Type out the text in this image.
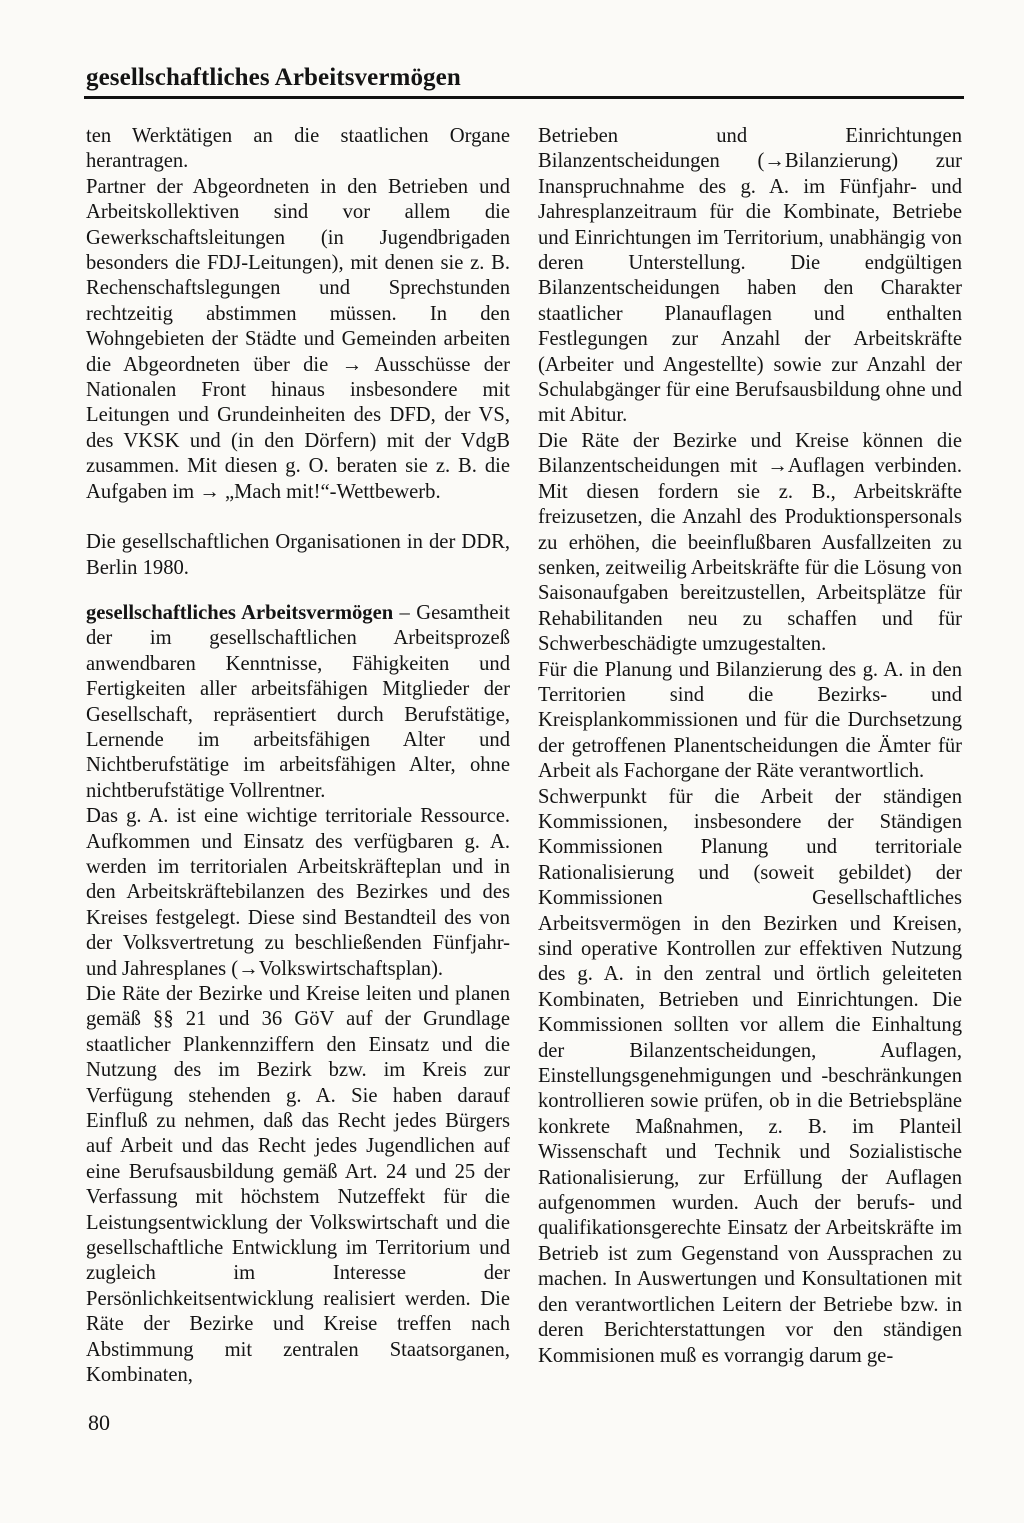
gesellschaftliches Arbeitsvermögen

ten Werktätigen an die staatlichen Organe herantragen.

Partner der Abgeordneten in den Betrieben und Arbeitskollektiven sind vor allem die Gewerkschaftsleitungen (in Jugendbrigaden besonders die FDJ-Leitungen), mit denen sie z. B. Rechenschaftslegungen und Sprechstunden rechtzeitig abstimmen müssen. In den Wohngebieten der Städte und Gemeinden arbeiten die Abgeordneten über die → Ausschüsse der Nationalen Front hinaus insbesondere mit Leitungen und Grundeinheiten des DFD, der VS, des VKSK und (in den Dörfern) mit der VdgB zusammen. Mit diesen g. O. beraten sie z. B. die Aufgaben im → „Mach mit!“-Wettbewerb.

Die gesellschaftlichen Organisationen in der DDR, Berlin 1980.

gesellschaftliches Arbeitsvermögen – Gesamtheit der im gesellschaftlichen Arbeitsprozeß anwendbaren Kenntnisse, Fähigkeiten und Fertigkeiten aller arbeitsfähigen Mitglieder der Gesellschaft, repräsentiert durch Berufstätige, Lernende im arbeitsfähigen Alter und Nichtberufstätige im arbeitsfähigen Alter, ohne nichtberufstätige Vollrentner.

Das g. A. ist eine wichtige territoriale Ressource. Aufkommen und Einsatz des verfügbaren g. A. werden im territorialen Arbeitskräfteplan und in den Arbeitskräftebilanzen des Bezirkes und des Kreises festgelegt. Diese sind Bestandteil des von der Volksvertretung zu beschließenden Fünfjahr- und Jahresplanes (→Volkswirtschaftsplan).

Die Räte der Bezirke und Kreise leiten und planen gemäß §§ 21 und 36 GöV auf der Grundlage staatlicher Plankennziffern den Einsatz und die Nutzung des im Bezirk bzw. im Kreis zur Verfügung stehenden g. A. Sie haben darauf Einfluß zu nehmen, daß das Recht jedes Bürgers auf Arbeit und das Recht jedes Jugendlichen auf eine Berufsausbildung gemäß Art. 24 und 25 der Verfassung mit höchstem Nutzeffekt für die Leistungsentwicklung der Volkswirtschaft und die gesellschaftliche Entwicklung im Territorium und zugleich im Interesse der Persönlichkeitsentwicklung realisiert werden. Die Räte der Bezirke und Kreise treffen nach Abstimmung mit zentralen Staatsorganen, Kombinaten,

Betrieben und Einrichtungen Bilanzentscheidungen (→Bilanzierung) zur Inanspruchnahme des g. A. im Fünfjahr- und Jahresplanzeitraum für die Kombinate, Betriebe und Einrichtungen im Territorium, unabhängig von deren Unterstellung. Die endgültigen Bilanzentscheidungen haben den Charakter staatlicher Planauflagen und enthalten Festlegungen zur Anzahl der Arbeitskräfte (Arbeiter und Angestellte) sowie zur Anzahl der Schulabgänger für eine Berufsausbildung ohne und mit Abitur.

Die Räte der Bezirke und Kreise können die Bilanzentscheidungen mit →Auflagen verbinden. Mit diesen fordern sie z. B., Arbeitskräfte freizusetzen, die Anzahl des Produktionspersonals zu erhöhen, die beeinflußbaren Ausfallzeiten zu senken, zeitweilig Arbeitskräfte für die Lösung von Saisonaufgaben bereitzustellen, Arbeitsplätze für Rehabilitanden neu zu schaffen und für Schwerbeschädigte umzugestalten.

Für die Planung und Bilanzierung des g. A. in den Territorien sind die Bezirks- und Kreisplankommissionen und für die Durchsetzung der getroffenen Planentscheidungen die Ämter für Arbeit als Fachorgane der Räte verantwortlich.

Schwerpunkt für die Arbeit der ständigen Kommissionen, insbesondere der Ständigen Kommissionen Planung und territoriale Rationalisierung und (soweit gebildet) der Kommissionen Gesellschaftliches Arbeitsvermögen in den Bezirken und Kreisen, sind operative Kontrollen zur effektiven Nutzung des g. A. in den zentral und örtlich geleiteten Kombinaten, Betrieben und Einrichtungen. Die Kommissionen sollten vor allem die Einhaltung der Bilanzentscheidungen, Auflagen, Einstellungsgenehmigungen und -beschränkungen kontrollieren sowie prüfen, ob in die Betriebspläne konkrete Maßnahmen, z. B. im Planteil Wissenschaft und Technik und Sozialistische Rationalisierung, zur Erfüllung der Auflagen aufgenommen wurden. Auch der berufs- und qualifikationsgerechte Einsatz der Arbeitskräfte im Betrieb ist zum Gegenstand von Aussprachen zu machen. In Auswertungen und Konsultationen mit den verantwortlichen Leitern der Betriebe bzw. in deren Berichterstattungen vor den ständigen Kommisionen muß es vorrangig darum ge-

80
